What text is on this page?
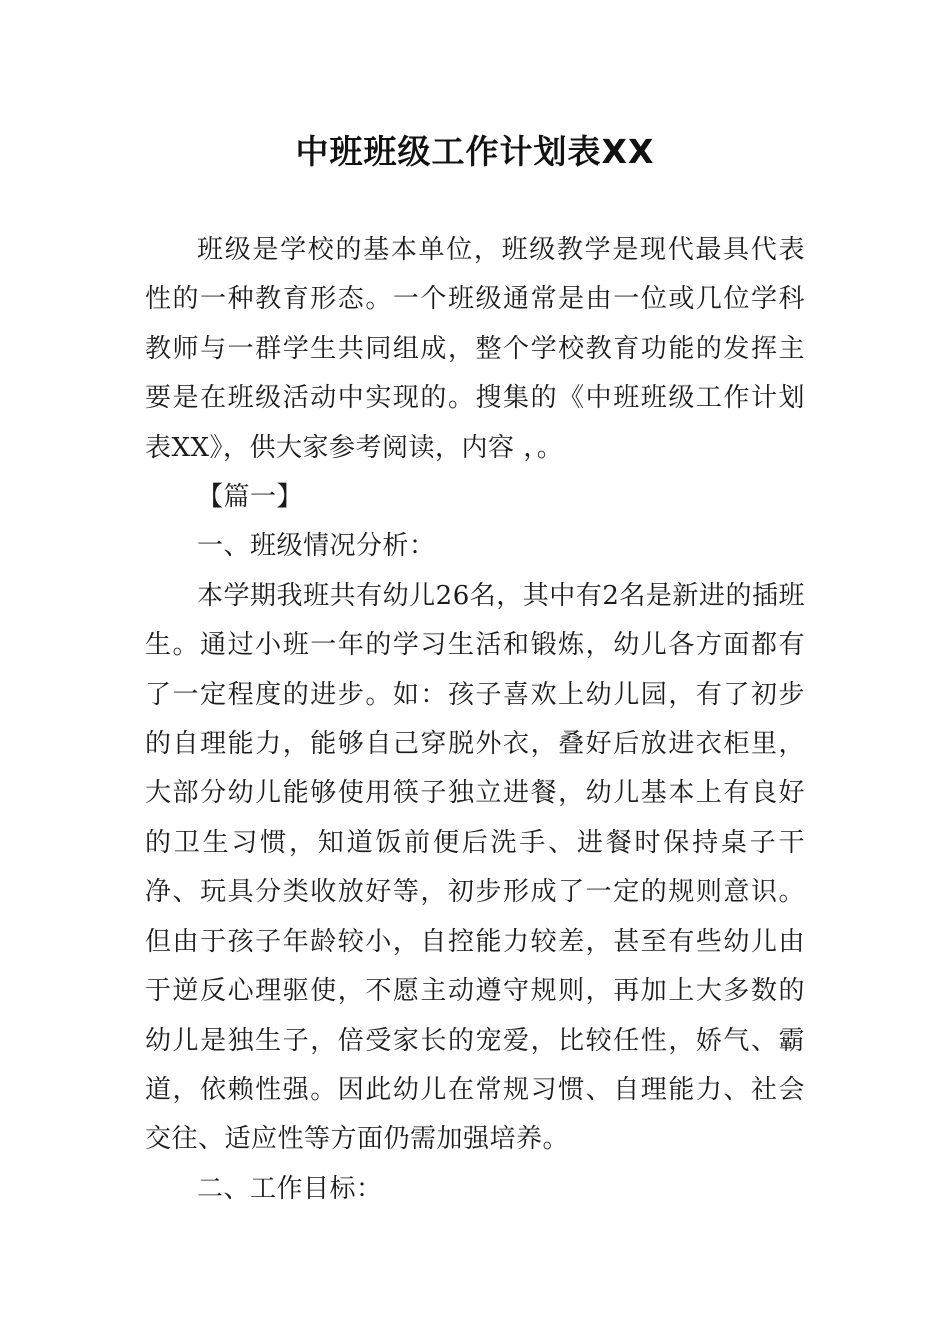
中班班级工作计划表XX

班级是学校的基本单位，班级教学是现代最具代表性的一种教育形态。一个班级通常是由一位或几位学科教师与一群学生共同组成，整个学校教育功能的发挥主要是在班级活动中实现的。搜集的《中班班级工作计划表XX》，供大家参考阅读，内容 ，。

【篇一】

一、班级情况分析：

本学期我班共有幼儿26名，其中有2名是新进的插班生。通过小班一年的学习生活和锻炼，幼儿各方面都有了一定程度的进步。如：孩子喜欢上幼儿园，有了初步的自理能力，能够自己穿脱外衣，叠好后放进衣柜里，大部分幼儿能够使用筷子独立进餐，幼儿基本上有良好的卫生习惯，知道饭前便后洗手、进餐时保持桌子干净、玩具分类收放好等，初步形成了一定的规则意识。但由于孩子年龄较小，自控能力较差，甚至有些幼儿由于逆反心理驱使，不愿主动遵守规则，再加上大多数的幼儿是独生子，倍受家长的宠爱，比较任性，娇气、霸道，依赖性强。因此幼儿在常规习惯、自理能力、社会交往、适应性等方面仍需加强培养。

二、工作目标：
